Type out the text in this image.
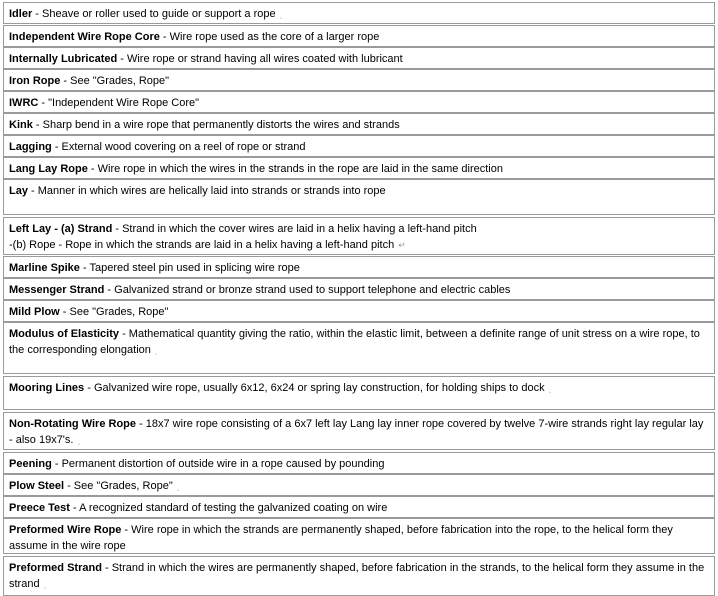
Idler - Sheave or roller used to guide or support a rope ˎ
Independent Wire Rope Core - Wire rope used as the core of a larger rope
Internally Lubricated - Wire rope or strand having all wires coated with lubricant
Iron Rope - See "Grades, Rope"
IWRC - "Independent Wire Rope Core"
Kink - Sharp bend in a wire rope that permanently distorts the wires and strands
Lagging - External wood covering on a reel of rope or strand
Lang Lay Rope - Wire rope in which the wires in the strands in the rope are laid in the same direction
Lay - Manner in which wires are helically laid into strands or strands into rope
Left Lay - (a) Strand - Strand in which the cover wires are laid in a helix having a left-hand pitch
-(b) Rope - Rope in which the strands are laid in a helix having a left-hand pitch ↵
Marline Spike - Tapered steel pin used in splicing wire rope
Messenger Strand - Galvanized strand or bronze strand used to support telephone and electric cables
Mild Plow - See "Grades, Rope"
Modulus of Elasticity - Mathematical quantity giving the ratio, within the elastic limit, between a definite range of unit stress on a wire rope, to the corresponding elongation ˎ
Mooring Lines - Galvanized wire rope, usually 6x12, 6x24 or spring lay construction, for holding ships to dock ˎ
Non-Rotating Wire Rope - 18x7 wire rope consisting of a 6x7 left lay Lang lay inner rope covered by twelve 7-wire strands right lay regular lay - also 19x7's. ˎ
Peening - Permanent distortion of outside wire in a rope caused by pounding
Plow Steel - See "Grades, Rope" ˎ
Preece Test - A recognized standard of testing the galvanized coating on wire
Preformed Wire Rope - Wire rope in which the strands are permanently shaped, before fabrication into the rope, to the helical form they assume in the wire rope
Preformed Strand - Strand in which the wires are permanently shaped, before fabrication in the strands, to the helical form they assume in the strand ˎ
